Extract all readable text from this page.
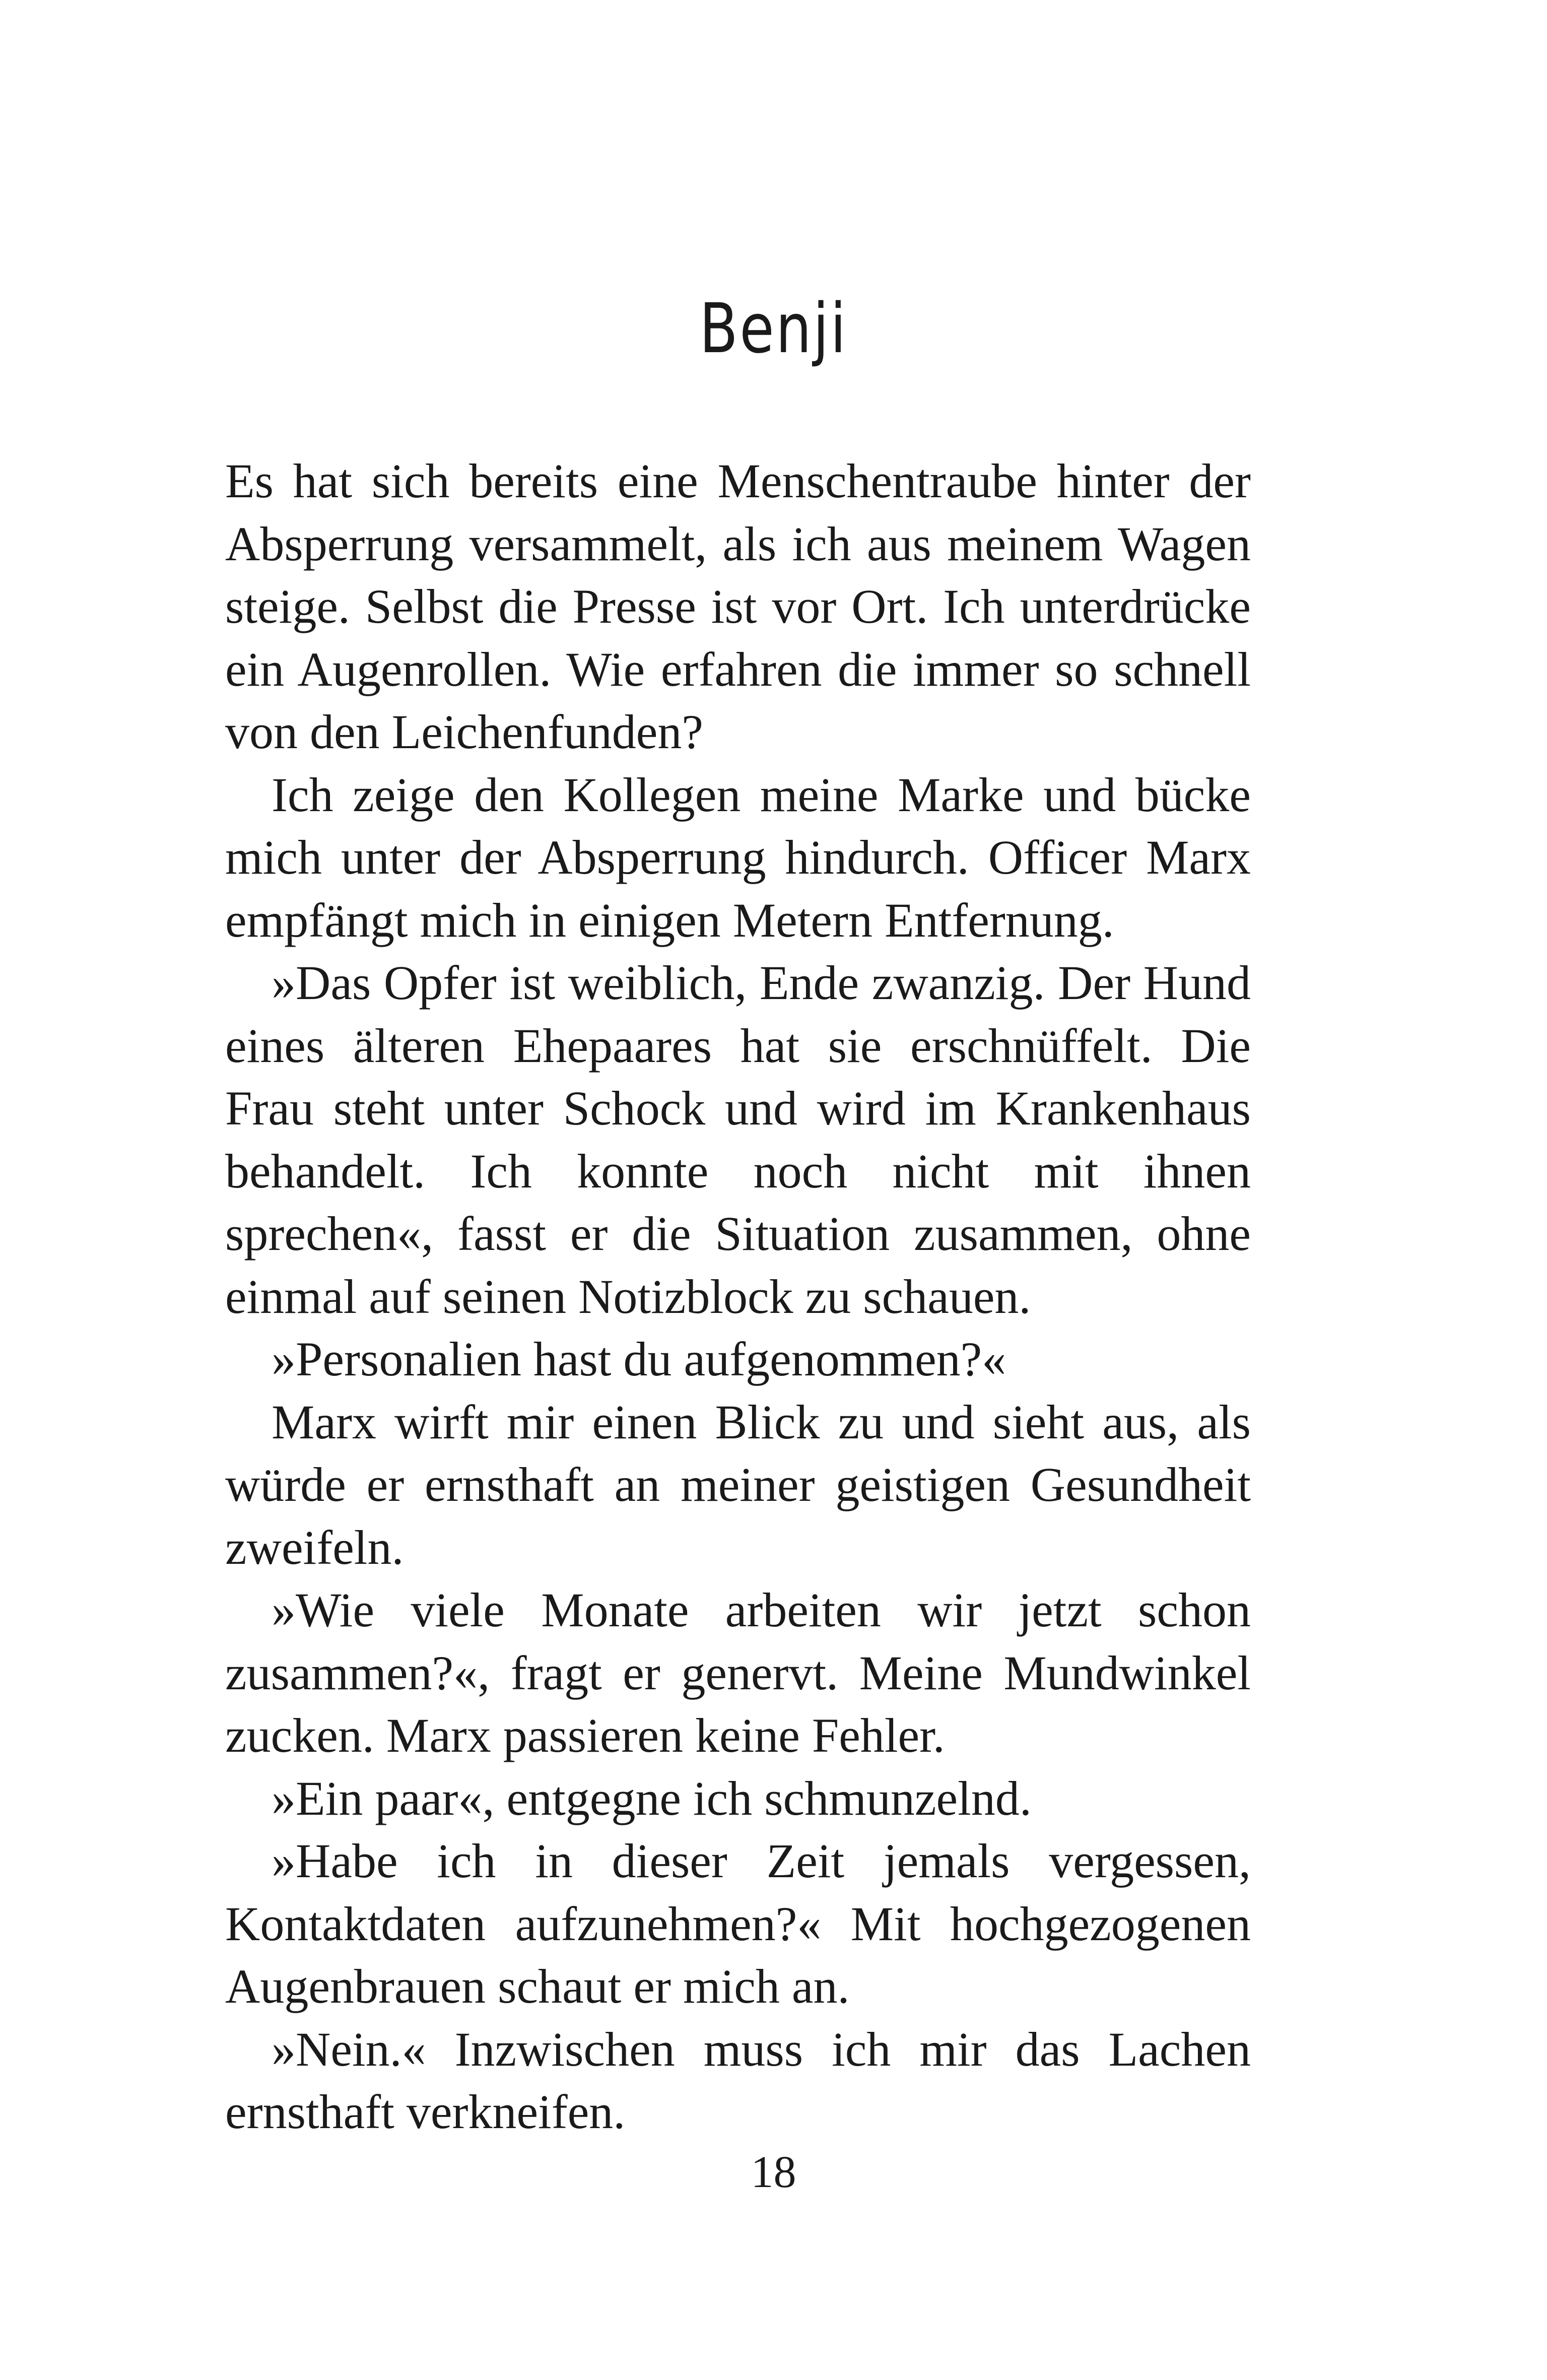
Benji

Es hat sich bereits eine Menschentraube hinter der Absperrung versammelt, als ich aus meinem Wagen steige. Selbst die Presse ist vor Ort. Ich unterdrücke ein Augenrollen. Wie erfahren die immer so schnell von den Leichenfunden?

Ich zeige den Kollegen meine Marke und bücke mich unter der Absperrung hindurch. Officer Marx empfängt mich in einigen Metern Entfernung.

»Das Opfer ist weiblich, Ende zwanzig. Der Hund eines älteren Ehepaares hat sie erschnüffelt. Die Frau steht unter Schock und wird im Krankenhaus behandelt. Ich konnte noch nicht mit ihnen sprechen«, fasst er die Situation zusammen, ohne einmal auf seinen Notizblock zu schauen.

»Personalien hast du aufgenommen?«

Marx wirft mir einen Blick zu und sieht aus, als würde er ernsthaft an meiner geistigen Gesundheit zweifeln.

»Wie viele Monate arbeiten wir jetzt schon zusammen?«, fragt er genervt. Meine Mundwinkel zucken. Marx passieren keine Fehler.

»Ein paar«, entgegne ich schmunzelnd.

»Habe ich in dieser Zeit jemals vergessen, Kontaktdaten aufzunehmen?« Mit hochgezogenen Augenbrauen schaut er mich an.

»Nein.« Inzwischen muss ich mir das Lachen ernsthaft verkneifen.

18
